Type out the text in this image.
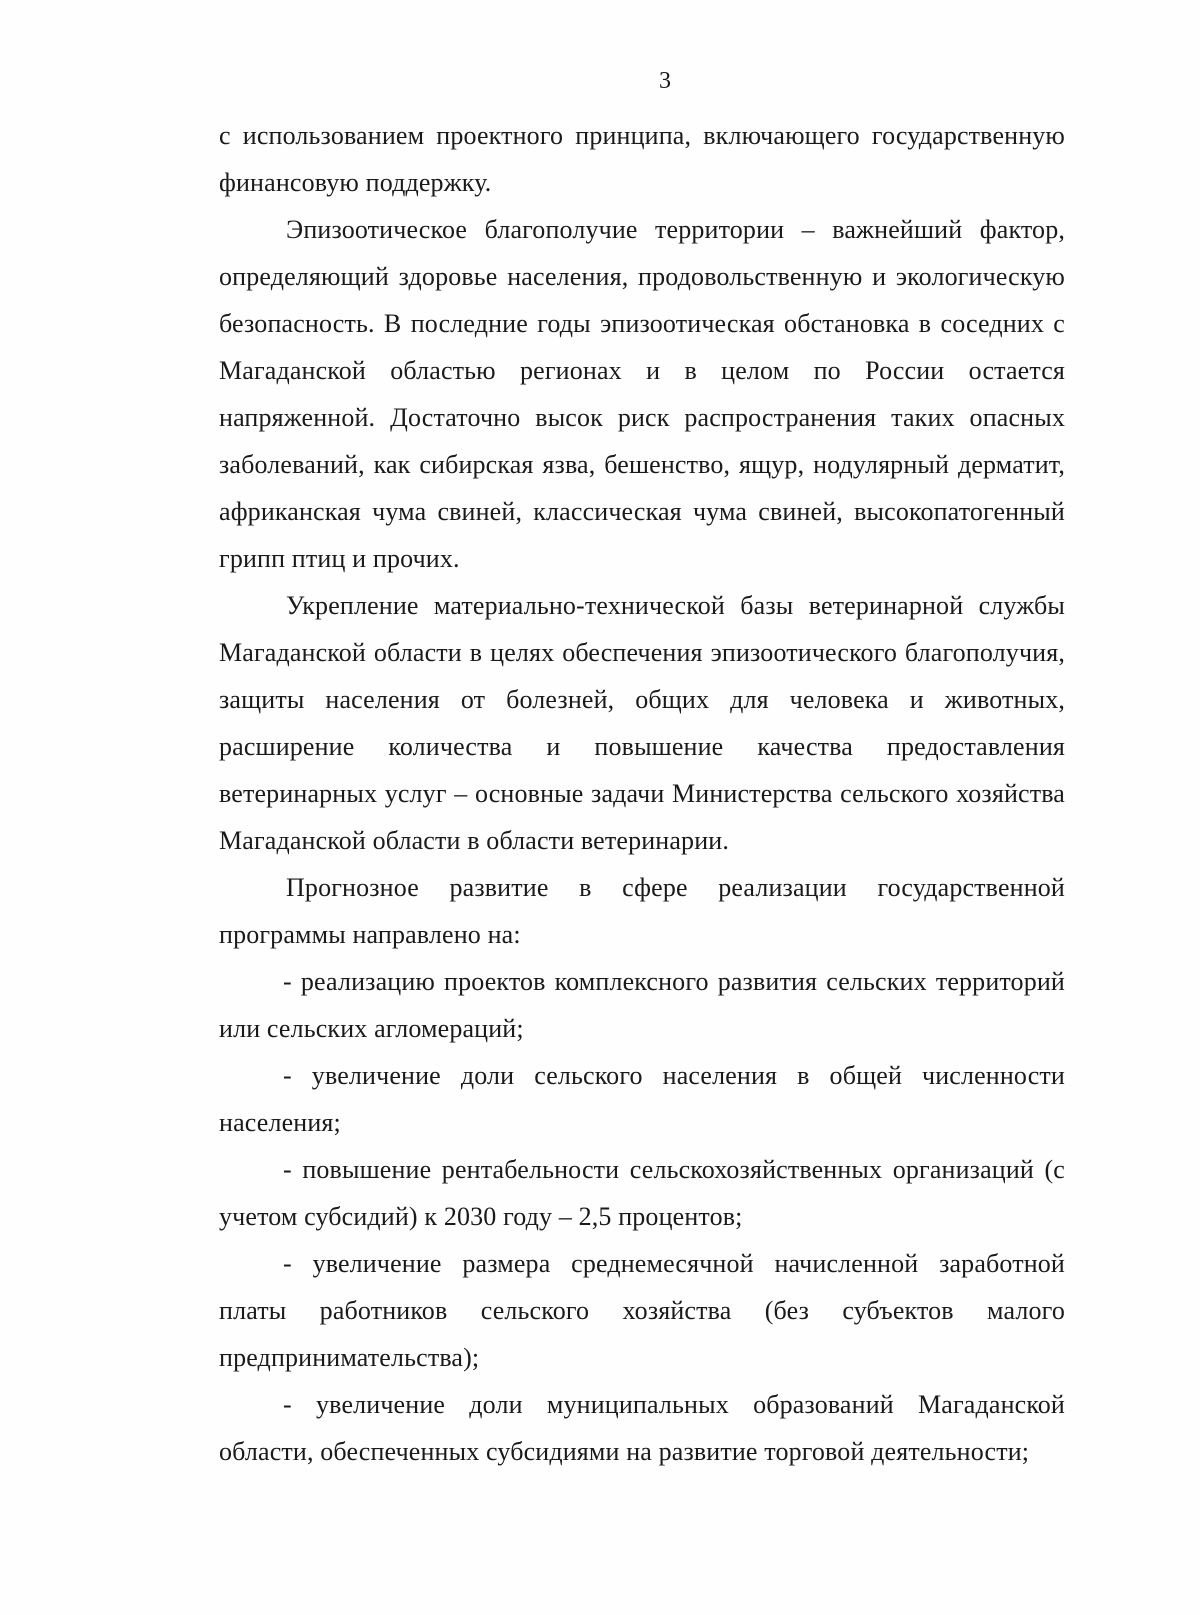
3

с использованием проектного принципа, включающего государственную финансовую поддержку.

Эпизоотическое благополучие территории – важнейший фактор, определяющий здоровье населения, продовольственную и экологическую безопасность. В последние годы эпизоотическая обстановка в соседних с Магаданской областью регионах и в целом по России остается напряженной. Достаточно высок риск распространения таких опасных заболеваний, как сибирская язва, бешенство, ящур, нодулярный дерматит, африканская чума свиней, классическая чума свиней, высокопатогенный грипп птиц и прочих.

Укрепление материально-технической базы ветеринарной службы Магаданской области в целях обеспечения эпизоотического благополучия, защиты населения от болезней, общих для человека и животных, расширение количества и повышение качества предоставления ветеринарных услуг – основные задачи Министерства сельского хозяйства Магаданской области в области ветеринарии.

Прогнозное развитие в сфере реализации государственной программы направлено на:

- реализацию проектов комплексного развития сельских территорий или сельских агломераций;

- увеличение доли сельского населения в общей численности населения;

- повышение рентабельности сельскохозяйственных организаций (с учетом субсидий) к 2030 году – 2,5 процентов;

- увеличение размера среднемесячной начисленной заработной платы работников сельского хозяйства (без субъектов малого предпринимательства);

- увеличение доли муниципальных образований Магаданской области, обеспеченных субсидиями на развитие торговой деятельности;
